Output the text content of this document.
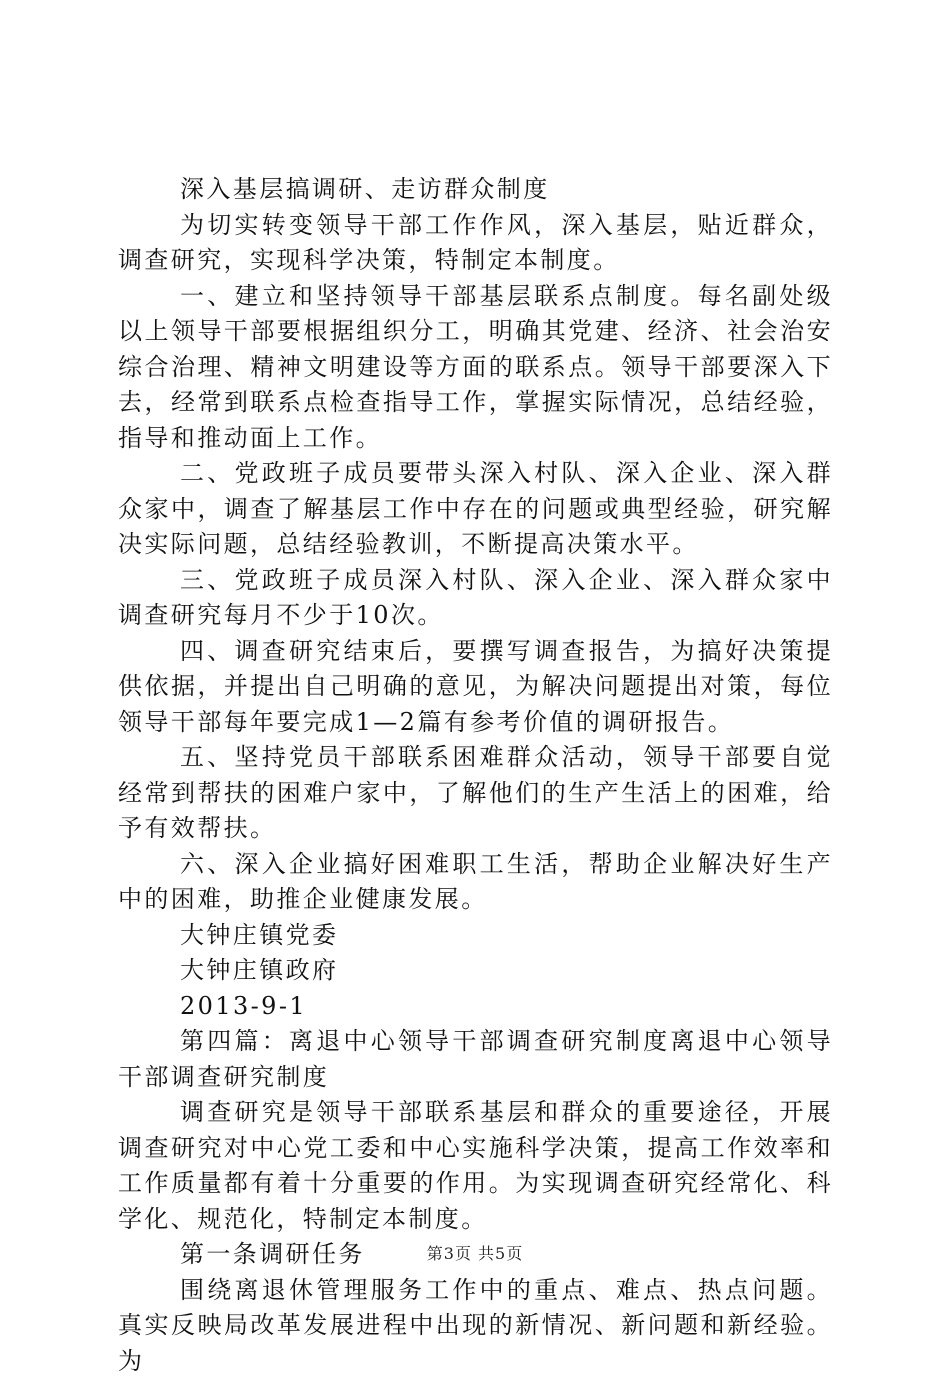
深入基层搞调研、走访群众制度

为切实转变领导干部工作作风，深入基层，贴近群众，调查研究，实现科学决策，特制定本制度。

一、建立和坚持领导干部基层联系点制度。每名副处级以上领导干部要根据组织分工，明确其党建、经济、社会治安综合治理、精神文明建设等方面的联系点。领导干部要深入下去，经常到联系点检查指导工作，掌握实际情况，总结经验，指导和推动面上工作。

二、党政班子成员要带头深入村队、深入企业、深入群众家中，调查了解基层工作中存在的问题或典型经验，研究解决实际问题，总结经验教训，不断提高决策水平。

三、党政班子成员深入村队、深入企业、深入群众家中调查研究每月不少于10次。

四、调查研究结束后，要撰写调查报告，为搞好决策提供依据，并提出自己明确的意见，为解决问题提出对策，每位领导干部每年要完成1—2篇有参考价值的调研报告。

五、坚持党员干部联系困难群众活动，领导干部要自觉经常到帮扶的困难户家中，了解他们的生产生活上的困难，给予有效帮扶。

六、深入企业搞好困难职工生活，帮助企业解决好生产中的困难，助推企业健康发展。

大钟庄镇党委

大钟庄镇政府

2013-9-1

第四篇：离退中心领导干部调查研究制度离退中心领导干部调查研究制度

调查研究是领导干部联系基层和群众的重要途径，开展调查研究对中心党工委和中心实施科学决策，提高工作效率和工作质量都有着十分重要的作用。为实现调查研究经常化、科学化、规范化，特制定本制度。

第一条调研任务

围绕离退休管理服务工作中的重点、难点、热点问题。真实反映局改革发展进程中出现的新情况、新问题和新经验。为

第3页 共5页
